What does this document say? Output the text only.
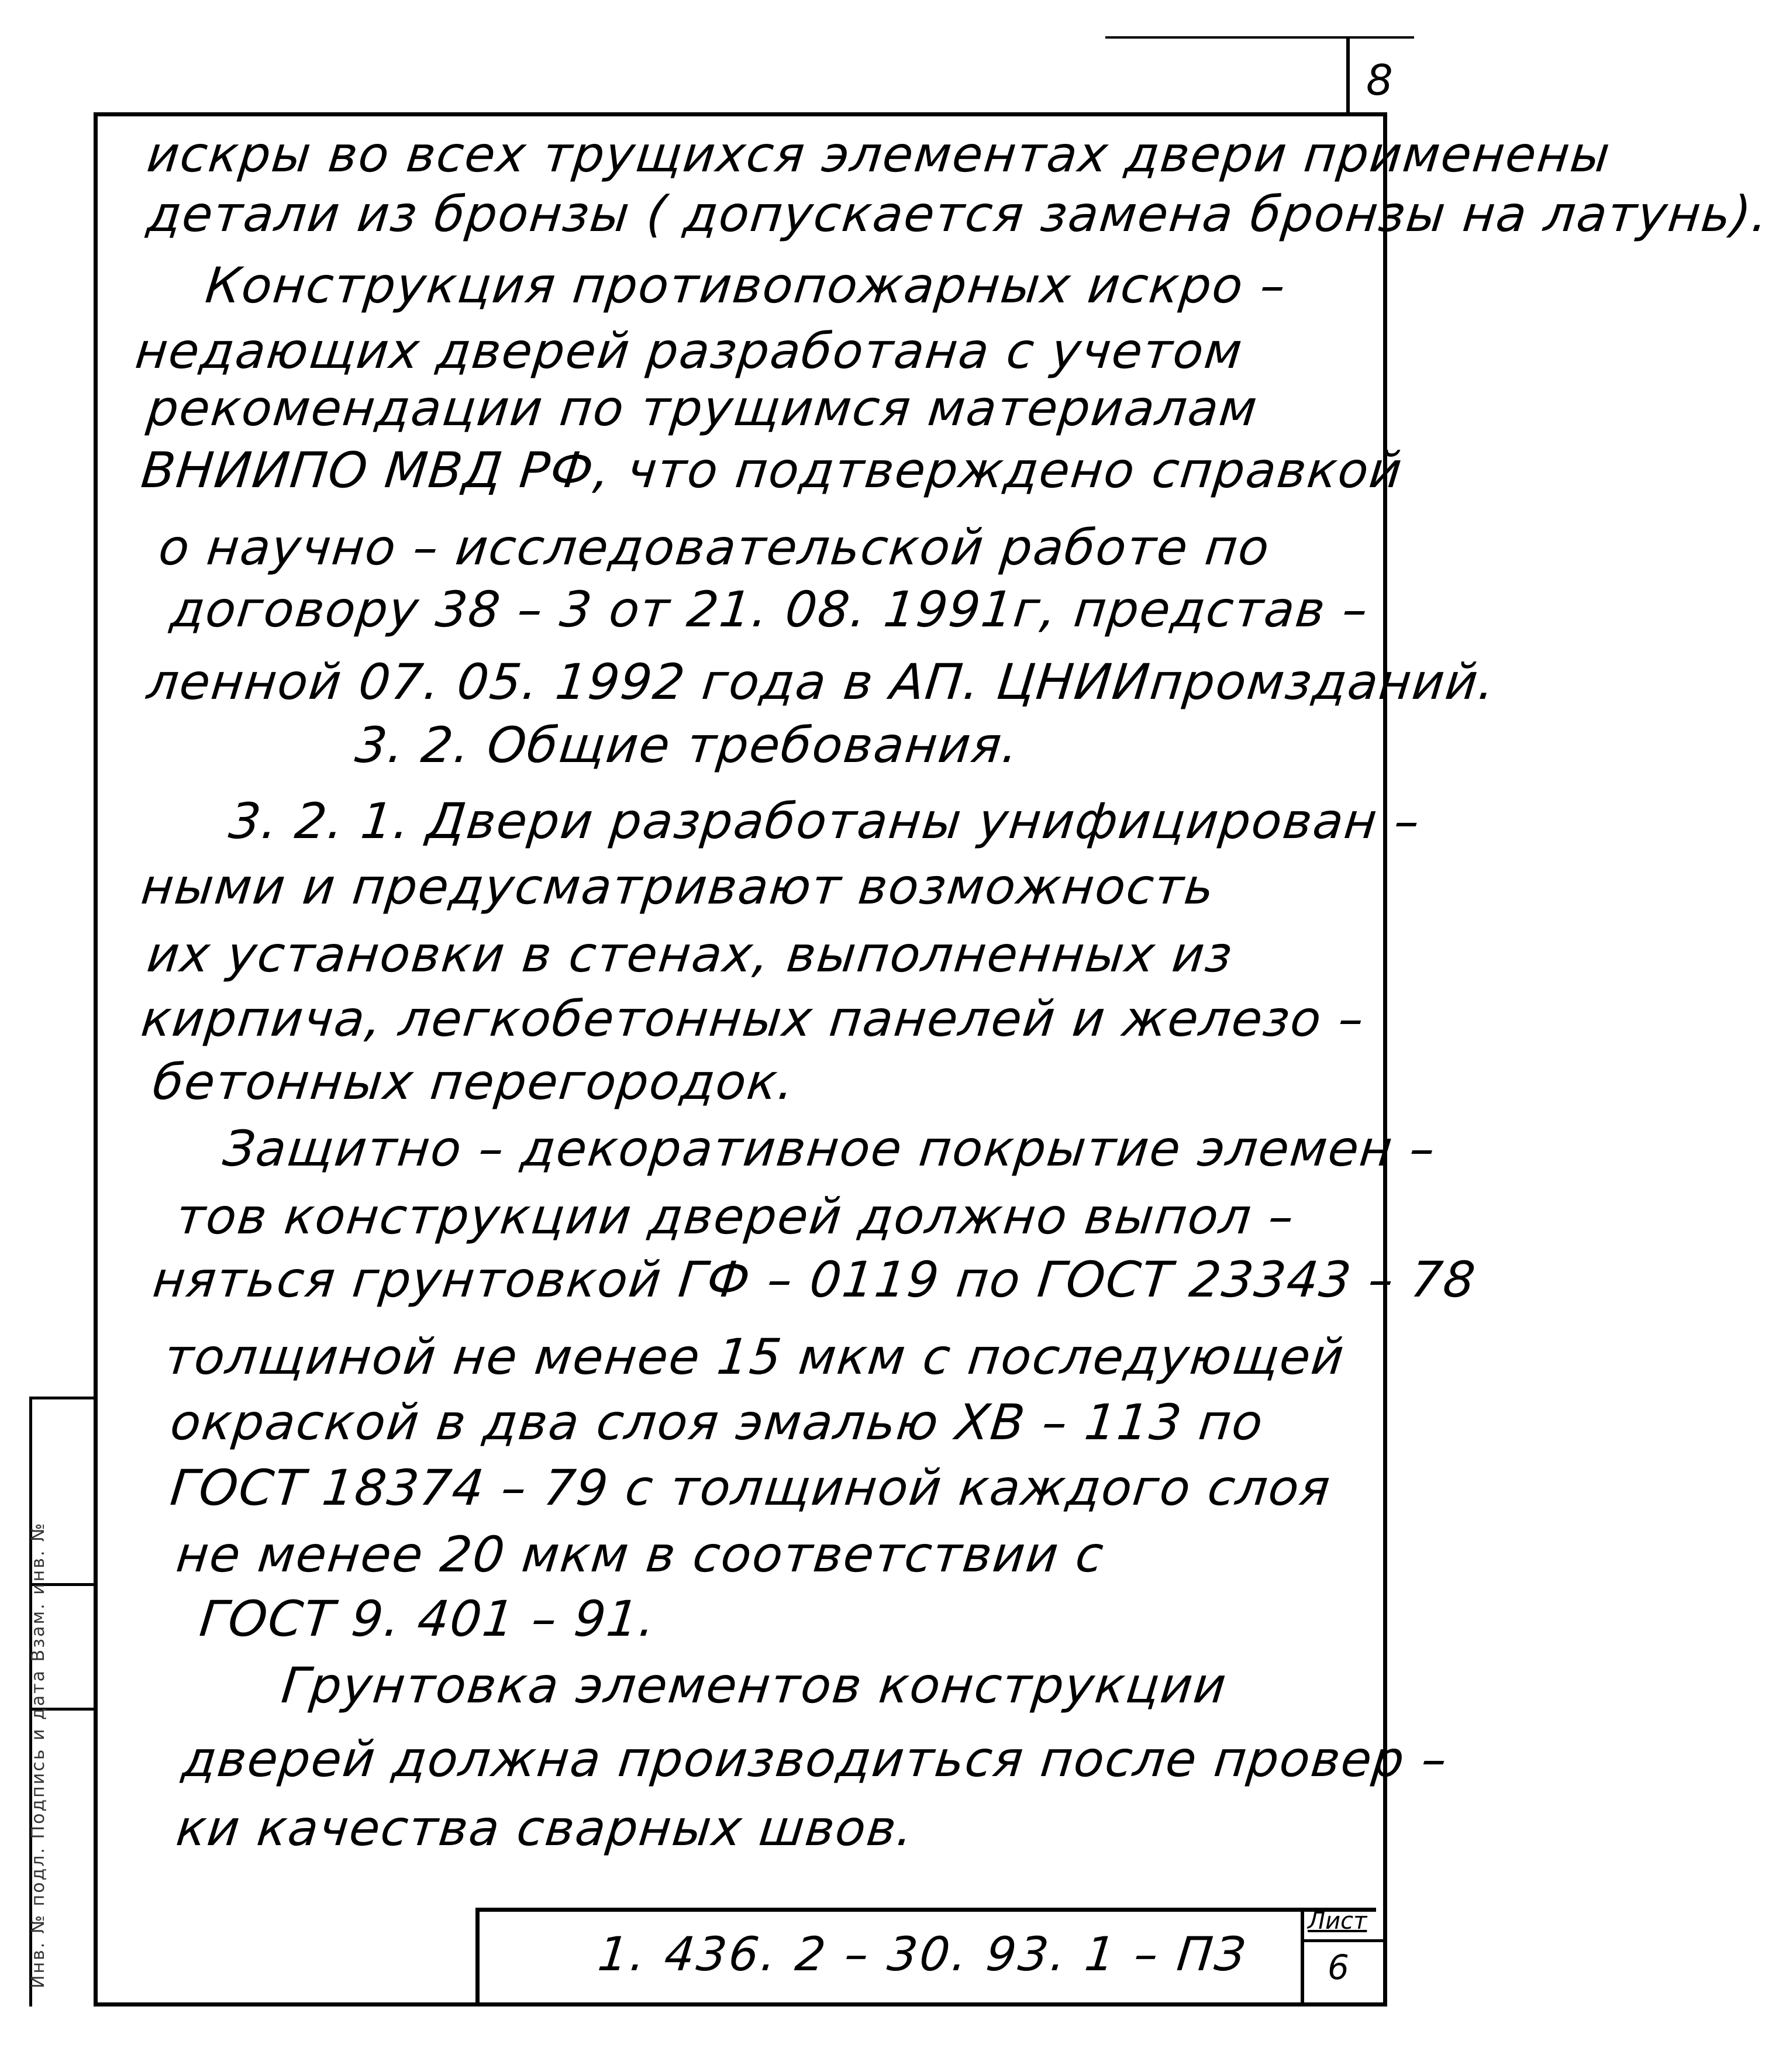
Инв. № подл. Подпись и дата Взам. инв. №
8
искры во всех трущихся элементах двери применены
детали из бронзы ( допускается замена бронзы на латунь).
Конструкция противопожарных искро –
недающих дверей разработана с учетом
рекомендации по трущимся материалам
ВНИИПО МВД РФ, что подтверждено справкой
о научно – исследовательской работе по
договору 38 – 3 от 21. 08. 1991г, представ –
ленной 07. 05. 1992 года в АП. ЦНИИпромзданий.
3. 2. Общие требования.
3. 2. 1. Двери разработаны унифицирован –
ными и предусматривают возможность
их установки в стенах, выполненных из
кирпича, легкобетонных панелей и железо –
бетонных перегородок.
Защитно – декоративное покрытие элемен –
тов конструкции дверей должно выпол –
няться грунтовкой ГФ – 0119 по ГОСТ 23343 – 78
толщиной не менее 15 мкм с последующей
окраской в два слоя эмалью ХВ – 113 по
ГОСТ 18374 – 79 с толщиной каждого слоя
не менее 20 мкм в соответствии с
ГОСТ 9. 401 – 91.
Грунтовка элементов конструкции
дверей должна производиться после провер –
ки качества сварных швов.
1. 436. 2 – 30. 93. 1 – ПЗ
Лист
6
